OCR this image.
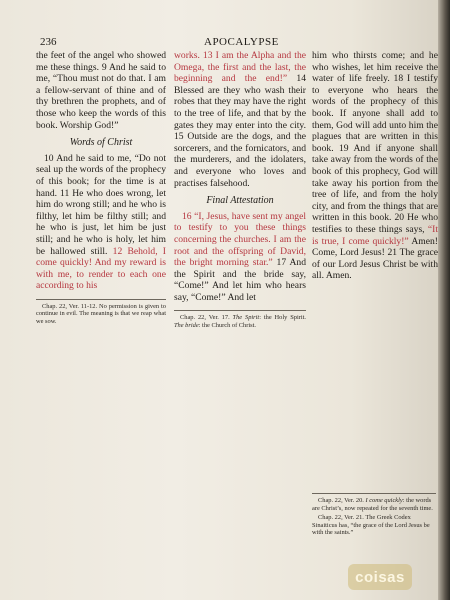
236	APOCALYPSE

the feet of the angel who showed me these things. 9 And he said to me, “Thou must not do that. I am a fellow-servant of thine and of thy brethren the prophets, and of those who keep the words of this book. Worship God!”

Words of Christ

10 And he said to me, “Do not seal up the words of the prophecy of this book; for the time is at hand. 11 He who does wrong, let him do wrong still; and he who is filthy, let him be filthy still; and he who is just, let him be just still; and he who is holy, let him be hallowed still. 12 Behold, I come quickly! And my reward is with me, to render to each one according to his

Chap. 22, Ver. 11-12. No permission is given to continue in evil. The meaning is that we reap what we sow.

works. 13 I am the Alpha and the Omega, the first and the last, the beginning and the end!” 14 Blessed are they who wash their robes that they may have the right to the tree of life, and that by the gates they may enter into the city. 15 Outside are the dogs, and the sorcerers, and the fornicators, and the murderers, and the idolaters, and everyone who loves and practises falsehood.

Final Attestation

16 “I, Jesus, have sent my angel to testify to you these things concerning the churches. I am the root and the offspring of David, the bright morning star.” 17 And the Spirit and the bride say, “Come!” And let him who hears say, “Come!” And let

Chap. 22, Ver. 17. The Spirit: the Holy Spirit. The bride: the Church of Christ.

him who thirsts come; and he who wishes, let him receive the water of life freely. 18 I testify to everyone who hears the words of the prophecy of this book. If anyone shall add to them, God will add unto him the plagues that are written in this book. 19 And if anyone shall take away from the words of the book of this prophecy, God will take away his portion from the tree of life, and from the holy city, and from the things that are written in this book. 20 He who testifies to these things says, “It is true, I come quickly!” Amen! Come, Lord Jesus! 21 The grace of our Lord Jesus Christ be with all. Amen.

Chap. 22, Ver. 20. I come quickly: the words are Christ’s, now repeated for the seventh time.

Chap. 22, Ver. 21. The Greek Codex Sinaiticus has, “the grace of the Lord Jesus be with the saints.”

coisas
